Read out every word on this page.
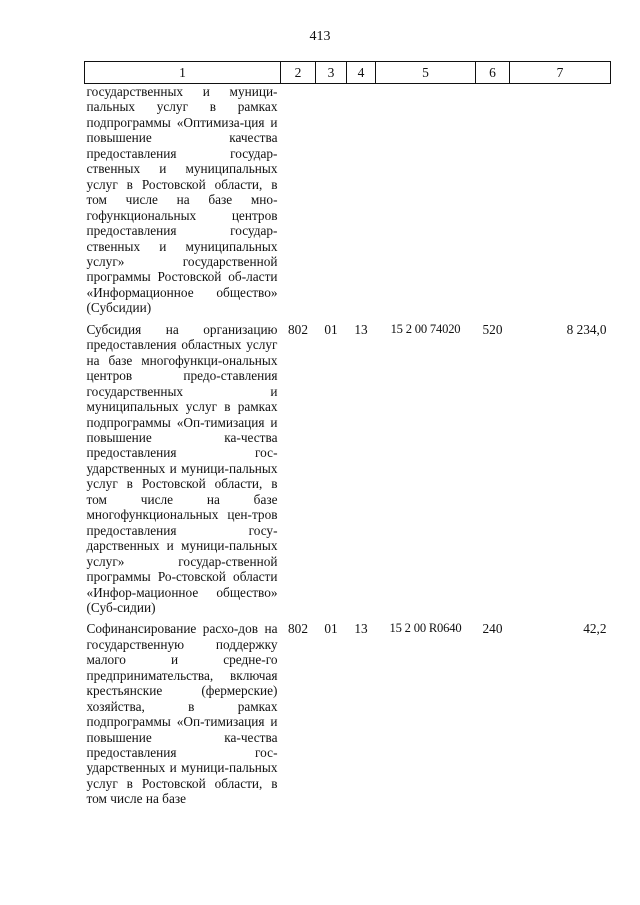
413
1	2	3	4	5	6	7
государственных и муници-пальных услуг в рамках подпрограммы «Оптимиза-ция и повышение качества предоставления государ-ственных и муниципальных услуг в Ростовской области, в том числе на базе мно-гофункциональных центров предоставления государ-ственных и муниципальных услуг» государственной программы Ростовской об-ласти «Информационное общество» (Субсидии)						
Субсидия на организацию предоставления областных услуг на базе многофункци-ональных центров предо-ставления государственных и муниципальных услуг в рамках подпрограммы «Оп-тимизация и повышение ка-чества предоставления гос-ударственных и муници-пальных услуг в Ростовской области, в том числе на базе многофункциональных цен-тров предоставления госу-дарственных и муници-пальных услуг» государ-ственной программы Ро-стовской области «Инфор-мационное общество» (Суб-сидии)	802	01	13	15 2 00 74020	520	8 234,0
Софинансирование расхо-дов на государственную поддержку малого и средне-го предпринимательства, включая крестьянские (фермерские) хозяйства, в рамках подпрограммы «Оп-тимизация и повышение ка-чества предоставления гос-ударственных и муници-пальных услуг в Ростовской области, в том числе на базе	802	01	13	15 2 00 R0640	240	42,2
